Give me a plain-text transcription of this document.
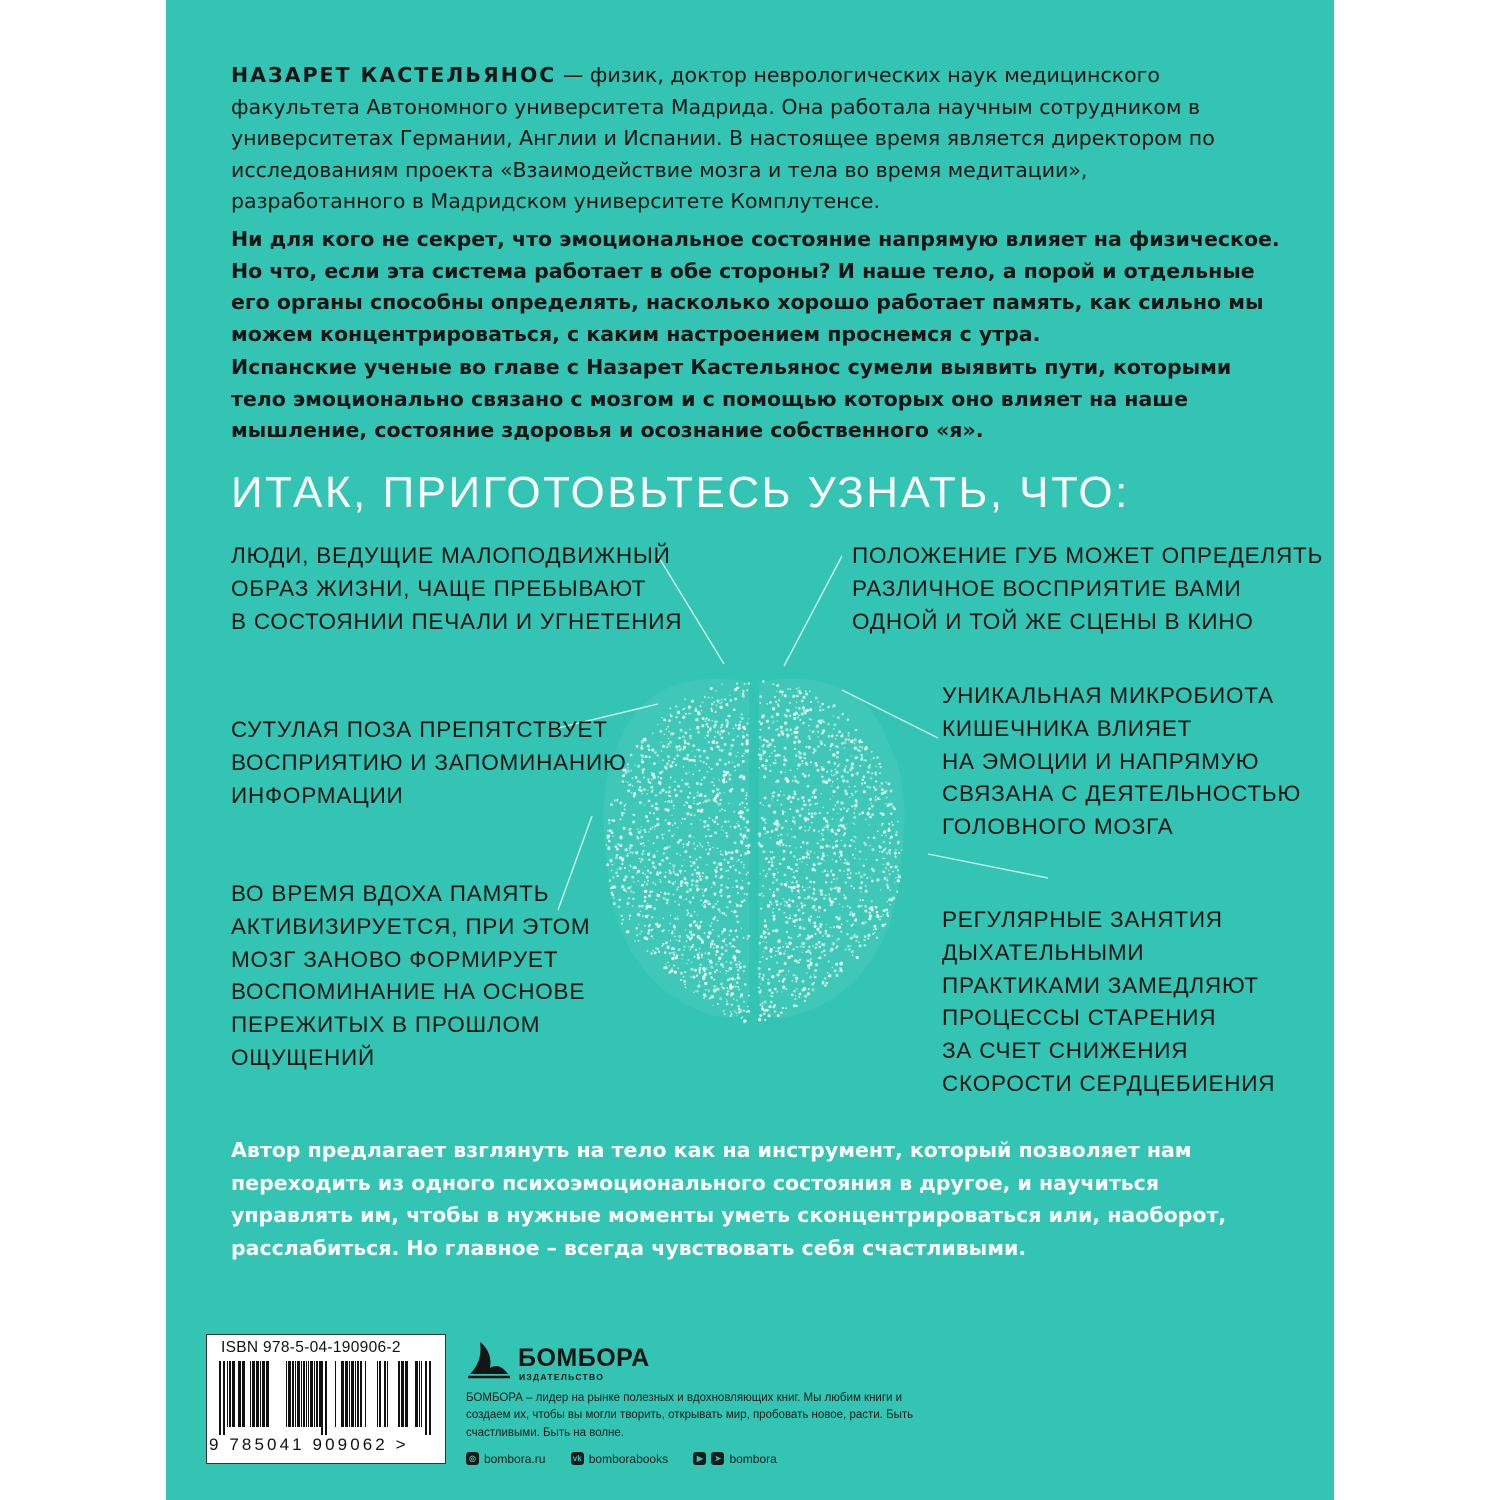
НАЗАРЕТ КАСТЕЛЬЯНОС — физик, доктор неврологических наук медицинского факультета Автономного университета Мадрида. Она работала научным сотрудником в университетах Германии, Англии и Испании. В настоящее время является директором по исследованиям проекта «Взаимодействие мозга и тела во время медитации», разработанного в Мадридском университете Комплутенсе.

Ни для кого не секрет, что эмоциональное состояние напрямую влияет на физическое. Но что, если эта система работает в обе стороны? И наше тело, а порой и отдельные его органы способны определять, насколько хорошо работает память, как сильно мы можем концентрироваться, с каким настроением проснемся с утра.

Испанские ученые во главе с Назарет Кастельянос сумели выявить пути, которыми тело эмоционально связано с мозгом и с помощью которых оно влияет на наше мышление, состояние здоровья и осознание собственного «я».

ИТАК, ПРИГОТОВЬТЕСЬ УЗНАТЬ, ЧТО:

ЛЮДИ, ВЕДУЩИЕ МАЛОПОДВИЖНЫЙ
ОБРАЗ ЖИЗНИ, ЧАЩЕ ПРЕБЫВАЮТ
В СОСТОЯНИИ ПЕЧАЛИ И УГНЕТЕНИЯ

ПОЛОЖЕНИЕ ГУБ МОЖЕТ ОПРЕДЕЛЯТЬ
РАЗЛИЧНОЕ ВОСПРИЯТИЕ ВАМИ
ОДНОЙ И ТОЙ ЖЕ СЦЕНЫ В КИНО

СУТУЛАЯ ПОЗА ПРЕПЯТСТВУЕТ
ВОСПРИЯТИЮ И ЗАПОМИНАНИЮ
ИНФОРМАЦИИ

УНИКАЛЬНАЯ МИКРОБИОТА
КИШЕЧНИКА ВЛИЯЕТ
НА ЭМОЦИИ И НАПРЯМУЮ
СВЯЗАНА С ДЕЯТЕЛЬНОСТЬЮ
ГОЛОВНОГО МОЗГА

ВО ВРЕМЯ ВДОХА ПАМЯТЬ
АКТИВИЗИРУЕТСЯ, ПРИ ЭТОМ
МОЗГ ЗАНОВО ФОРМИРУЕТ
ВОСПОМИНАНИЕ НА ОСНОВЕ
ПЕРЕЖИТЫХ В ПРОШЛОМ
ОЩУЩЕНИЙ

РЕГУЛЯРНЫЕ ЗАНЯТИЯ
ДЫХАТЕЛЬНЫМИ
ПРАКТИКАМИ ЗАМЕДЛЯЮТ
ПРОЦЕССЫ СТАРЕНИЯ
ЗА СЧЕТ СНИЖЕНИЯ
СКОРОСТИ СЕРДЦЕБИЕНИЯ

Автор предлагает взглянуть на тело как на инструмент, который позволяет нам переходить из одного психоэмоционального состояния в другое, и научиться управлять им, чтобы в нужные моменты уметь сконцентрироваться или, наоборот, расслабиться. Но главное – всегда чувствовать себя счастливыми.

ISBN 978-5-04-190906-2
9 785041 909062 >
БОМБОРА
ИЗДАТЕЛЬСТВО

БОМБОРА – лидер на рынке полезных и вдохновляющих книг. Мы любим книги и создаем их, чтобы вы могли творить, открывать мир, пробовать новое, расти. Быть счастливыми. Быть на волне.

◎ bombora.ru
	vk bomborabooks
	▶	➤ bombora
